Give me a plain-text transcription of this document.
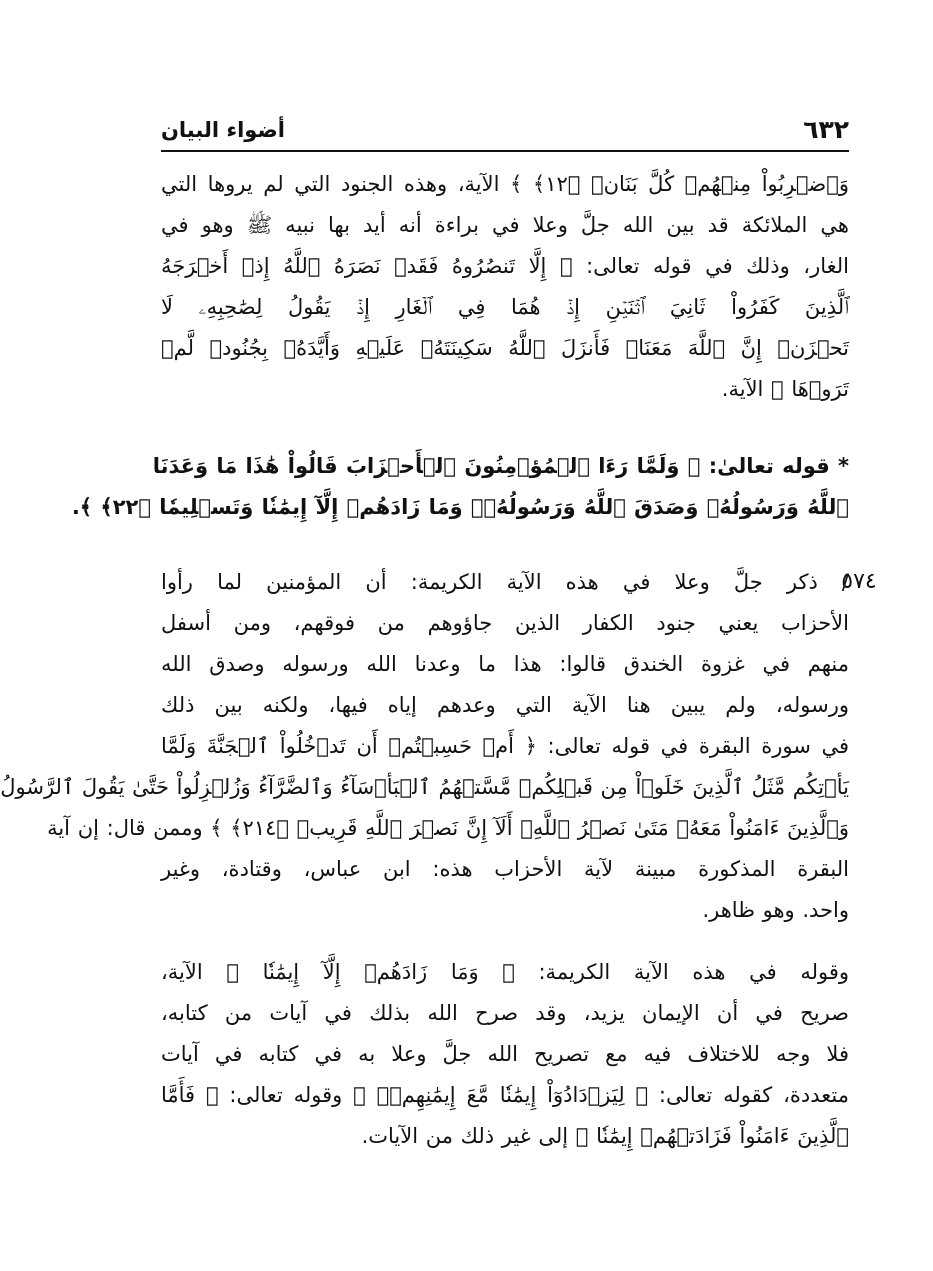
٦٣٢
أضواء البيان
وَٱضۡرِبُواْ مِنۡهُمۡ كُلَّ بَنَانٖ ﴿١٢﴾ ﴾ الآية، وهذه الجنود التي لم يروها التي
هي الملائكة قد بين الله جلَّ وعلا في براءة أنه أيد بها نبيه ﷺ وهو في
الغار، وذلك في قوله تعالى: ﴿ إِلَّا تَنصُرُوهُ فَقَدۡ نَصَرَهُ ٱللَّهُ إِذۡ أَخۡرَجَهُ
ٱلَّذِينَ كَفَرُواْ ثَانِيَ ٱثۡنَيۡنِ إِذۡ هُمَا فِي ٱلۡغَارِ إِذۡ يَقُولُ لِصَٰحِبِهِۦ لَا
تَحۡزَنۡ إِنَّ ٱللَّهَ مَعَنَاۖ فَأَنزَلَ ٱللَّهُ سَكِينَتَهُۥ عَلَيۡهِ وَأَيَّدَهُۥ بِجُنُودٖ لَّمۡ
تَرَوۡهَا ﴾ الآية.
* قوله تعالىٰ: ﴿ وَلَمَّا رَءَا ٱلۡمُؤۡمِنُونَ ٱلۡأَحۡزَابَ قَالُواْ هَٰذَا مَا وَعَدَنَا
ٱللَّهُ وَرَسُولُهُۥ وَصَدَقَ ٱللَّهُ وَرَسُولُهُۥۚ وَمَا زَادَهُمۡ إِلَّآ إِيمَٰنٗا وَتَسۡلِيمٗا ﴿٢٢﴾ ﴾.
٥٧٤
/ ذكر جلَّ وعلا في هذه الآية الكريمة: أن المؤمنين لما رأوا
الأحزاب يعني جنود الكفار الذين جاؤوهم من فوقهم، ومن أسفل
منهم في غزوة الخندق قالوا: هذا ما وعدنا الله ورسوله وصدق الله
ورسوله، ولم يبين هنا الآية التي وعدهم إياه فيها، ولكنه بين ذلك
في سورة البقرة في قوله تعالى: ﴿ أَمۡ حَسِبۡتُمۡ أَن تَدۡخُلُواْ ٱلۡجَنَّةَ وَلَمَّا
يَأۡتِكُم مَّثَلُ ٱلَّذِينَ خَلَوۡاْ مِن قَبۡلِكُمۖ مَّسَّتۡهُمُ ٱلۡبَأۡسَآءُ وَٱلضَّرَّآءُ وَزُلۡزِلُواْ حَتَّىٰ يَقُولَ ٱلرَّسُولُ
وَٱلَّذِينَ ءَامَنُواْ مَعَهُۥ مَتَىٰ نَصۡرُ ٱللَّهِۗ أَلَآ إِنَّ نَصۡرَ ٱللَّهِ قَرِيبٞ ﴿٢١٤﴾ ﴾ وممن قال: إن آية
البقرة المذكورة مبينة لآية الأحزاب هذه: ابن عباس، وقتادة، وغير
واحد. وهو ظاهر.
وقوله في هذه الآية الكريمة: ﴿ وَمَا زَادَهُمۡ إِلَّآ إِيمَٰنٗا ﴾ الآية،
صريح في أن الإيمان يزيد، وقد صرح الله بذلك في آيات من كتابه،
فلا وجه للاختلاف فيه مع تصريح الله جلَّ وعلا به في كتابه في آيات
متعددة، كقوله تعالى: ﴿ لِيَزۡدَادُوٓاْ إِيمَٰنٗا مَّعَ إِيمَٰنِهِمۡۗ ﴾ وقوله تعالى: ﴿ فَأَمَّا
ٱلَّذِينَ ءَامَنُواْ فَزَادَتۡهُمۡ إِيمَٰنٗا ﴾ إلى غير ذلك من الآيات.
